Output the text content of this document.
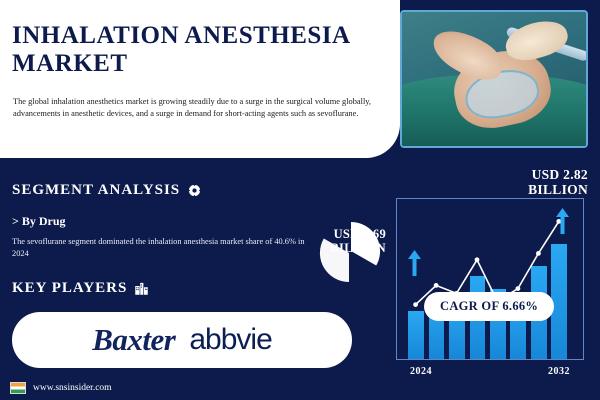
INHALATION ANESTHESIA MARKET
The global inhalation anesthetics market is growing steadily due to a surge in the surgical volume globally, advancements in anesthetic devices, and a surge in demand for short-acting agents such as sevoflurane.
SEGMENT ANALYSIS
> By Drug
The sevoflurane segment dominated the inhalation anesthesia market share of 40.6% in 2024
KEY PLAYERS
Baxter abbvie
www.snsinsider.com
2024	2032
USD 1.69
BILLION
USD 2.82
BILLION
CAGR OF 6.66%
